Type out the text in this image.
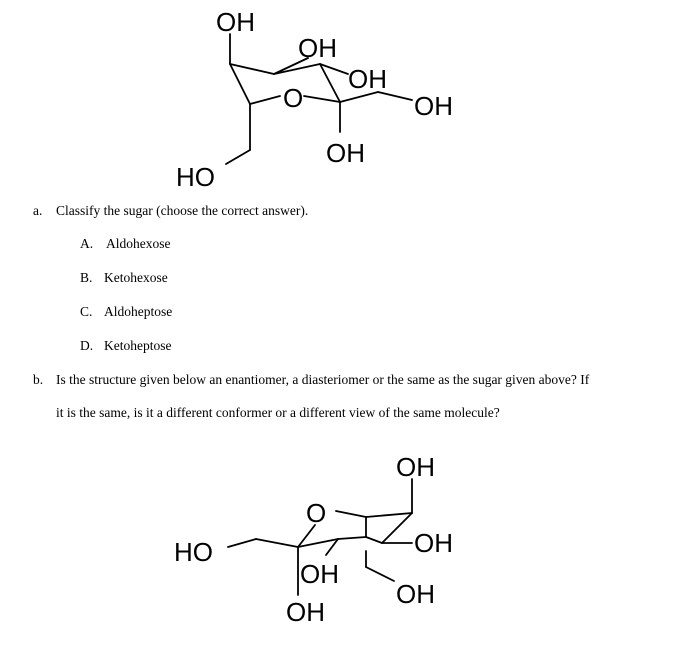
OH
OH
OH
OH
O
OH
HO
a. Classify the sugar (choose the correct answer).
A. Aldohexose
B. Ketohexose
C. Aldoheptose
D. Ketoheptose
b. Is the structure given below an enantiomer, a diasteriomer or the same as the sugar given above? If
it is the same, is it a different conformer or a different view of the same molecule?
OH
O
OH
HO
OH
OH
OH
